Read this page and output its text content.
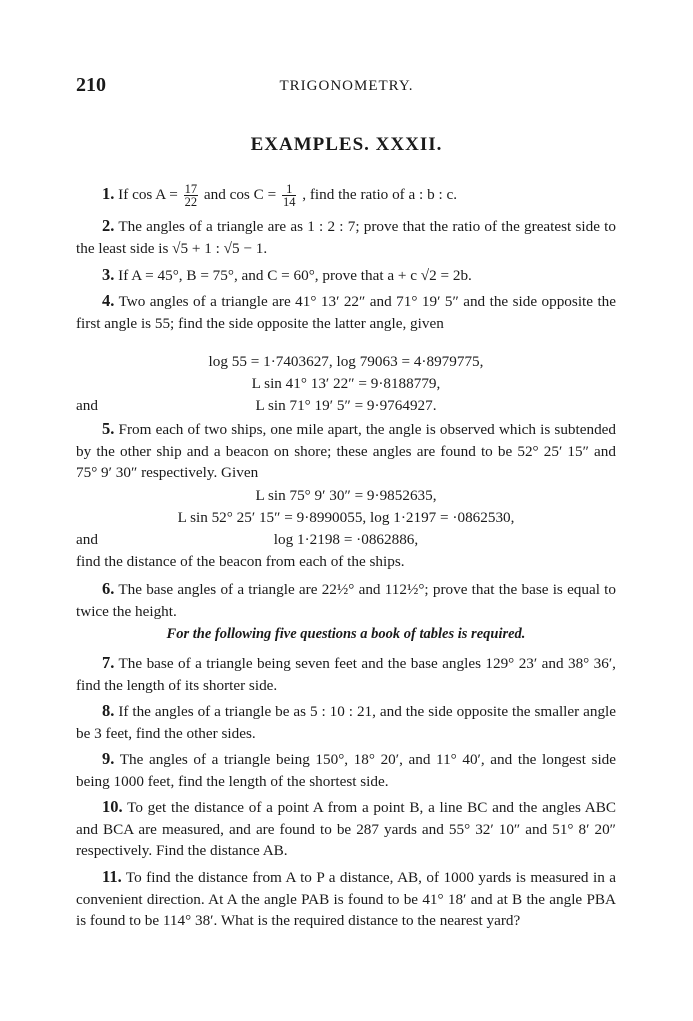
210	TRIGONOMETRY.
EXAMPLES. XXXII.
1. If $\cos A = \frac{17}{22}$ and $\cos C = \frac{1}{14}$ , find the ratio of a : b : c.
2. The angles of a triangle are as 1 : 2 : 7; prove that the ratio of the greatest side to the least side is √5 + 1 : √5 − 1.
3. If A = 45°, B = 75°, and C = 60°, prove that a + c √2 = 2b.
4. Two angles of a triangle are 41° 13′ 22″ and 71° 19′ 5″ and the side opposite the first angle is 55; find the side opposite the latter angle, given
log 55 = 1·7403627, log 79063 = 4·8979775,
L sin 41° 13′ 22″ = 9·8188779,
and	L sin 71° 19′ 5″ = 9·9764927.
5. From each of two ships, one mile apart, the angle is observed which is subtended by the other ship and a beacon on shore; these angles are found to be 52° 25′ 15″ and 75° 9′ 30″ respectively. Given
L sin 75° 9′ 30″ = 9·9852635,
L sin 52° 25′ 15″ = 9·8990055, log 1·2197 = ·0862530,
and	log 1·2198 = ·0862886,
find the distance of the beacon from each of the ships.
6. The base angles of a triangle are 22½° and 112½°; prove that the base is equal to twice the height.
For the following five questions a book of tables is required.
7. The base of a triangle being seven feet and the base angles 129° 23′ and 38° 36′, find the length of its shorter side.
8. If the angles of a triangle be as 5 : 10 : 21, and the side opposite the smaller angle be 3 feet, find the other sides.
9. The angles of a triangle being 150°, 18° 20′, and 11° 40′, and the longest side being 1000 feet, find the length of the shortest side.
10. To get the distance of a point A from a point B, a line BC and the angles ABC and BCA are measured, and are found to be 287 yards and 55° 32′ 10″ and 51° 8′ 20″ respectively. Find the distance AB.
11. To find the distance from A to P a distance, AB, of 1000 yards is measured in a convenient direction. At A the angle PAB is found to be 41° 18′ and at B the angle PBA is found to be 114° 38′. What is the required distance to the nearest yard?
